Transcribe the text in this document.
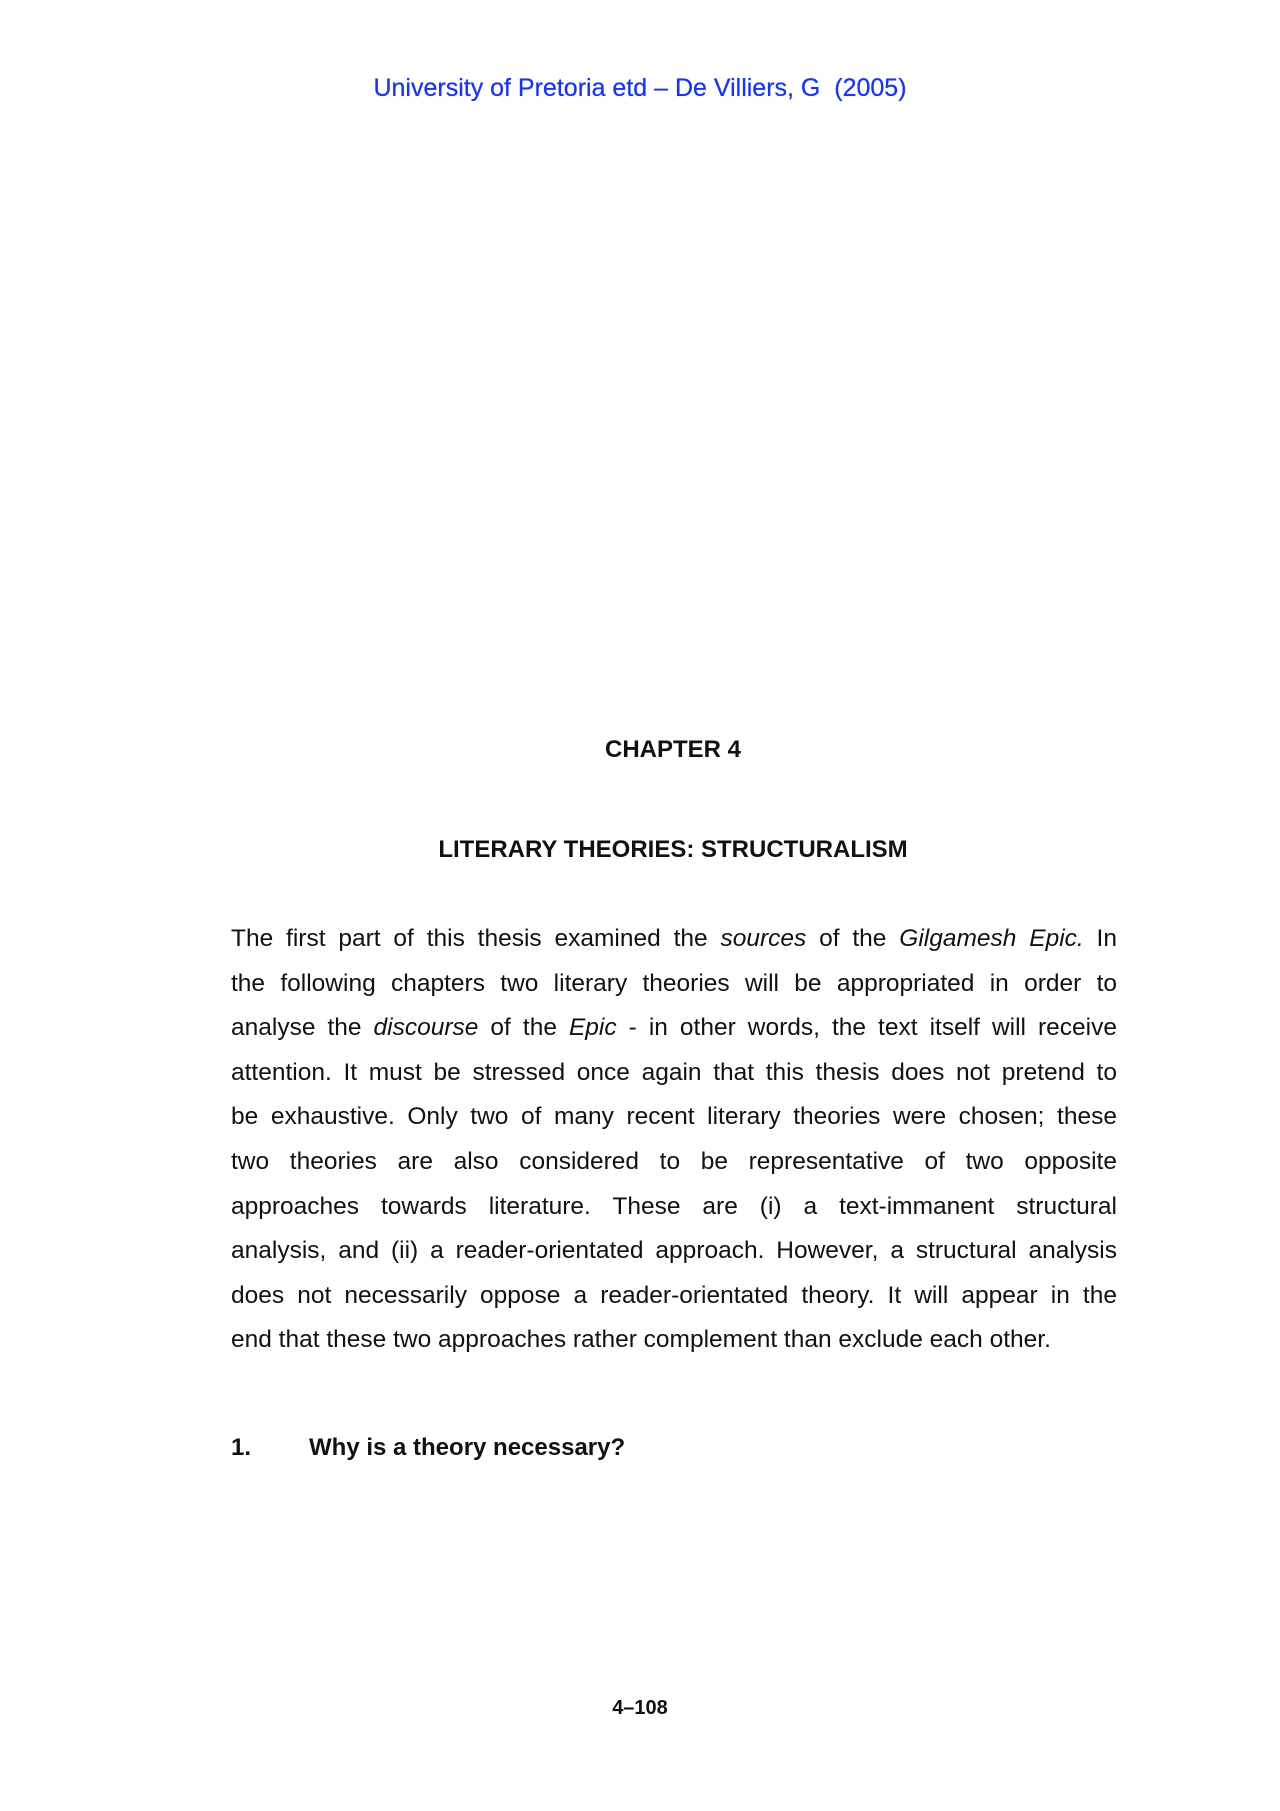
University of Pretoria etd – De Villiers, G  (2005)
CHAPTER 4
LITERARY THEORIES: STRUCTURALISM
The first part of this thesis examined the sources of the Gilgamesh Epic. In
the following chapters two literary theories will be appropriated in order to
analyse the discourse of the Epic - in other words, the text itself will receive
attention. It must be stressed once again that this thesis does not pretend to
be exhaustive. Only two of many recent literary theories were chosen; these
two theories are also considered to be representative of two opposite
approaches towards literature. These are (i) a text-immanent structural
analysis, and (ii) a reader-orientated approach. However, a structural analysis
does not necessarily oppose a reader-orientated theory. It will appear in the
end that these two approaches rather complement than exclude each other.
1. Why is a theory necessary?
4–108
